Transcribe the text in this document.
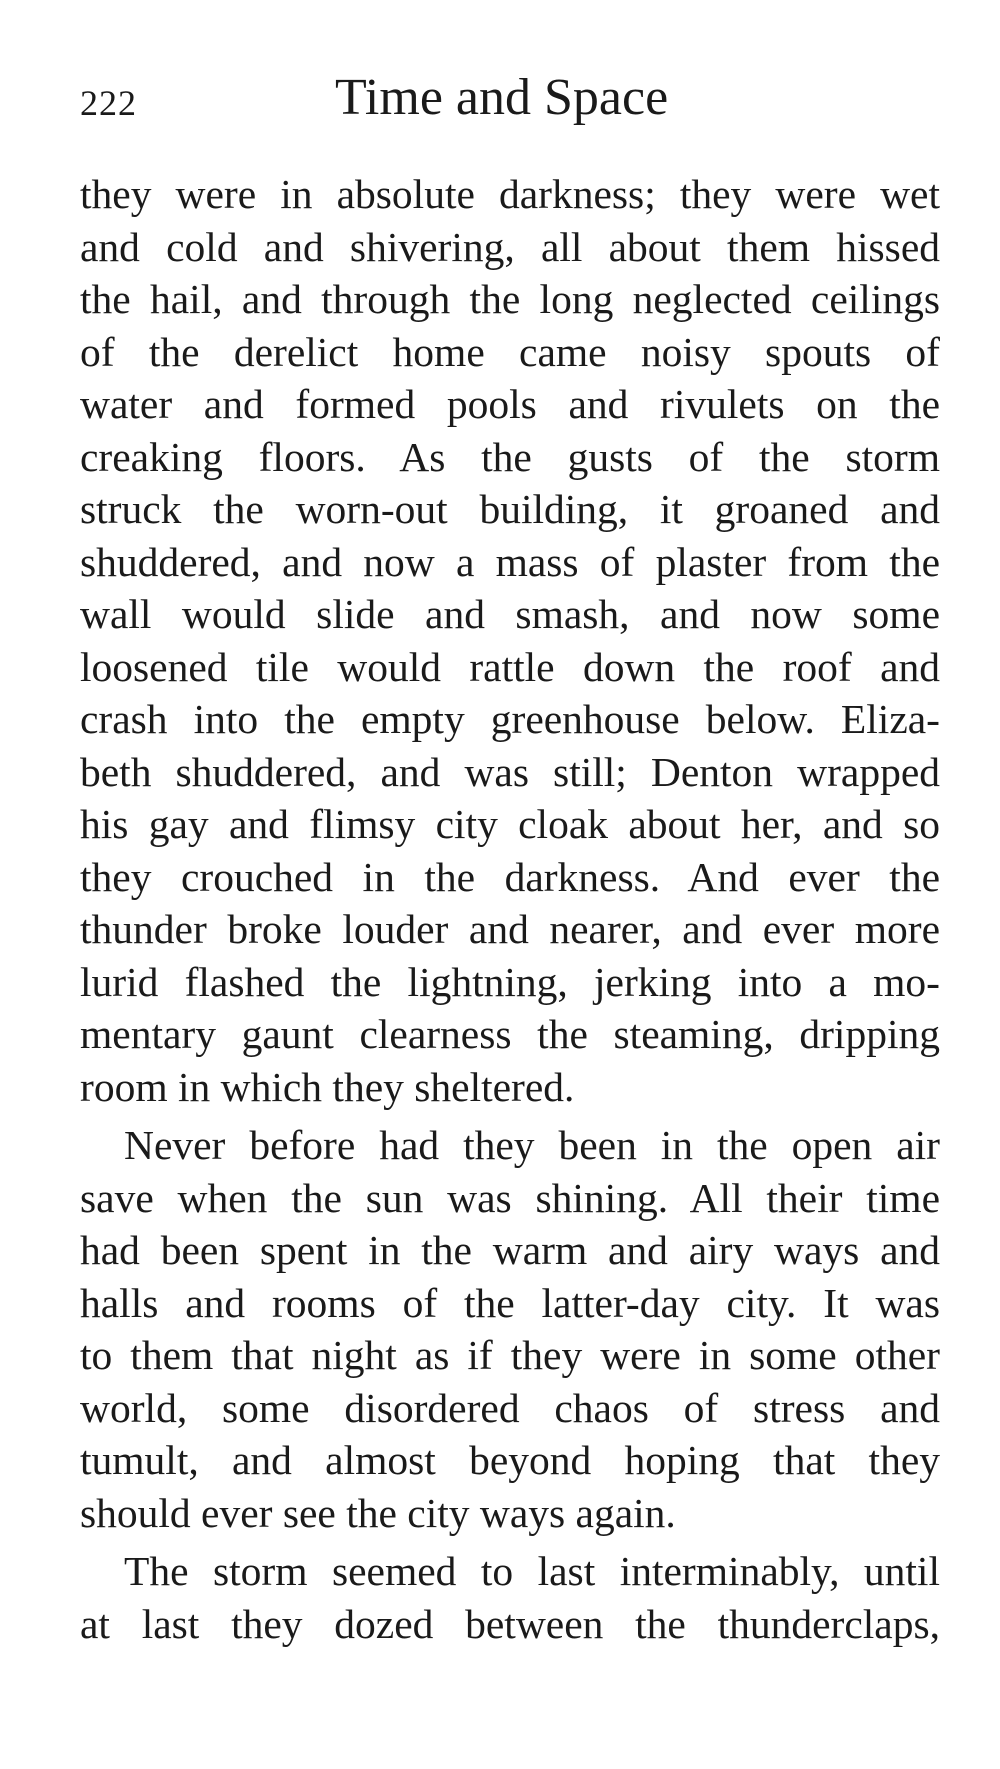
222	Time and Space
they were in absolute darkness; they were wet
and cold and shivering, all about them hissed
the hail, and through the long neglected ceilings
of the derelict home came noisy spouts of
water and formed pools and rivulets on the
creaking floors. As the gusts of the storm
struck the worn-out building, it groaned and
shuddered, and now a mass of plaster from the
wall would slide and smash, and now some
loosened tile would rattle down the roof and
crash into the empty greenhouse below. Eliza-
beth shuddered, and was still; Denton wrapped
his gay and flimsy city cloak about her, and so
they crouched in the darkness. And ever the
thunder broke louder and nearer, and ever more
lurid flashed the lightning, jerking into a mo-
mentary gaunt clearness the steaming, dripping
room in which they sheltered.
Never before had they been in the open air
save when the sun was shining. All their time
had been spent in the warm and airy ways and
halls and rooms of the latter-day city. It was
to them that night as if they were in some other
world, some disordered chaos of stress and
tumult, and almost beyond hoping that they
should ever see the city ways again.
The storm seemed to last interminably, until
at last they dozed between the thunderclaps,
